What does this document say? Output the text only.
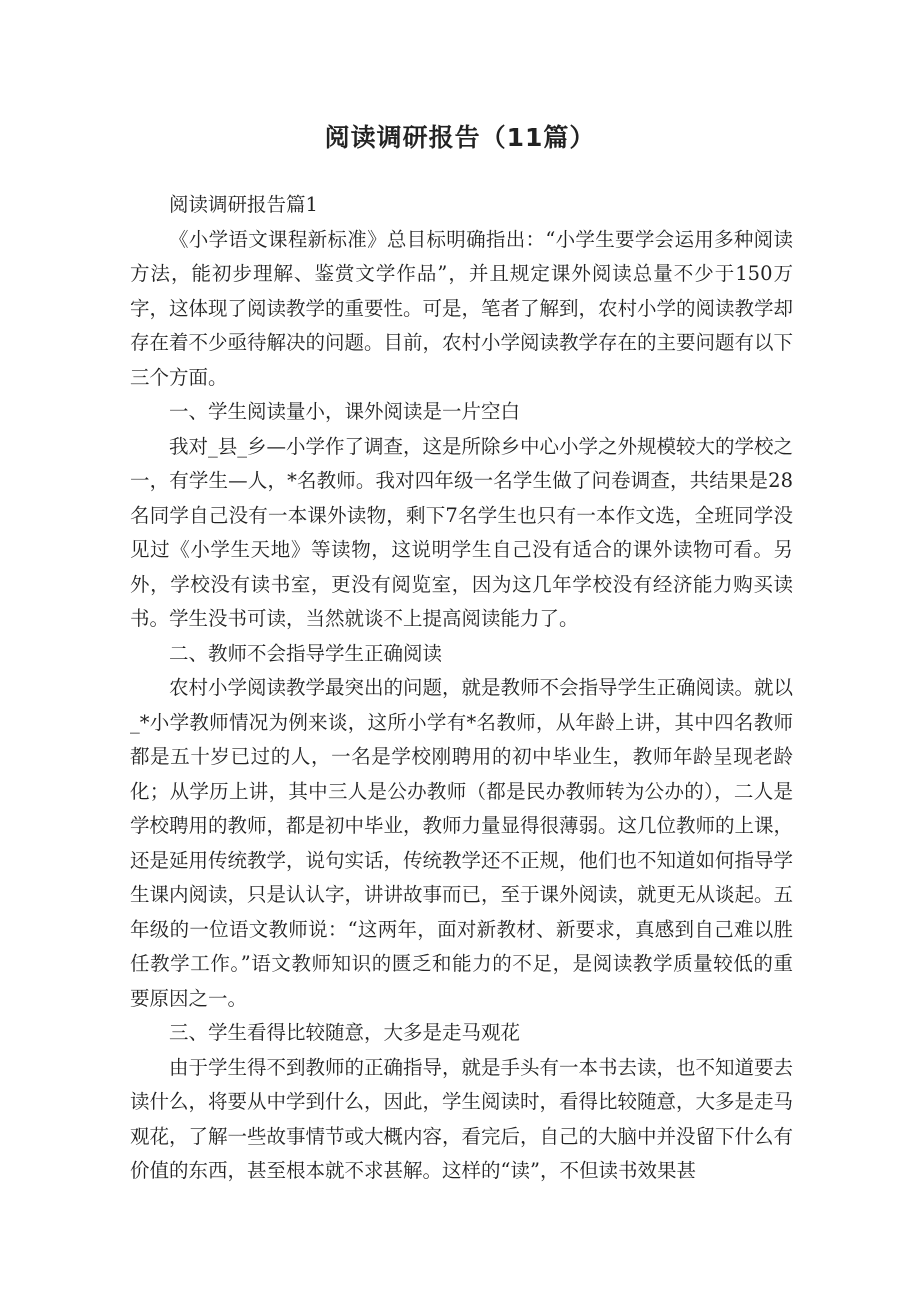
阅读调研报告（11篇）

阅读调研报告篇1

《小学语文课程新标准》总目标明确指出：“小学生要学会运用多种阅读方法，能初步理解、鉴赏文学作品”，并且规定课外阅读总量不少于150万字，这体现了阅读教学的重要性。可是，笔者了解到，农村小学的阅读教学却存在着不少亟待解决的问题。目前，农村小学阅读教学存在的主要问题有以下三个方面。

一、学生阅读量小，课外阅读是一片空白

我对_县_乡—小学作了调查，这是所除乡中心小学之外规模较大的学校之一，有学生—人，*名教师。我对四年级一名学生做了问卷调查，共结果是28名同学自己没有一本课外读物，剩下7名学生也只有一本作文选，全班同学没见过《小学生天地》等读物，这说明学生自己没有适合的课外读物可看。另外，学校没有读书室，更没有阅览室，因为这几年学校没有经济能力购买读书。学生没书可读，当然就谈不上提高阅读能力了。

二、教师不会指导学生正确阅读

农村小学阅读教学最突出的问题，就是教师不会指导学生正确阅读。就以_*小学教师情况为例来谈，这所小学有*名教师，从年龄上讲，其中四名教师都是五十岁已过的人，一名是学校刚聘用的初中毕业生，教师年龄呈现老龄化；从学历上讲，其中三人是公办教师（都是民办教师转为公办的），二人是学校聘用的教师，都是初中毕业，教师力量显得很薄弱。这几位教师的上课，还是延用传统教学，说句实话，传统教学还不正规，他们也不知道如何指导学生课内阅读，只是认认字，讲讲故事而已，至于课外阅读，就更无从谈起。五年级的一位语文教师说：“这两年，面对新教材、新要求，真感到自己难以胜任教学工作。”语文教师知识的匮乏和能力的不足，是阅读教学质量较低的重要原因之一。

三、学生看得比较随意，大多是走马观花

由于学生得不到教师的正确指导，就是手头有一本书去读，也不知道要去读什么，将要从中学到什么，因此，学生阅读时，看得比较随意，大多是走马观花，了解一些故事情节或大概内容，看完后，自己的大脑中并没留下什么有价值的东西，甚至根本就不求甚解。这样的“读”，不但读书效果甚
